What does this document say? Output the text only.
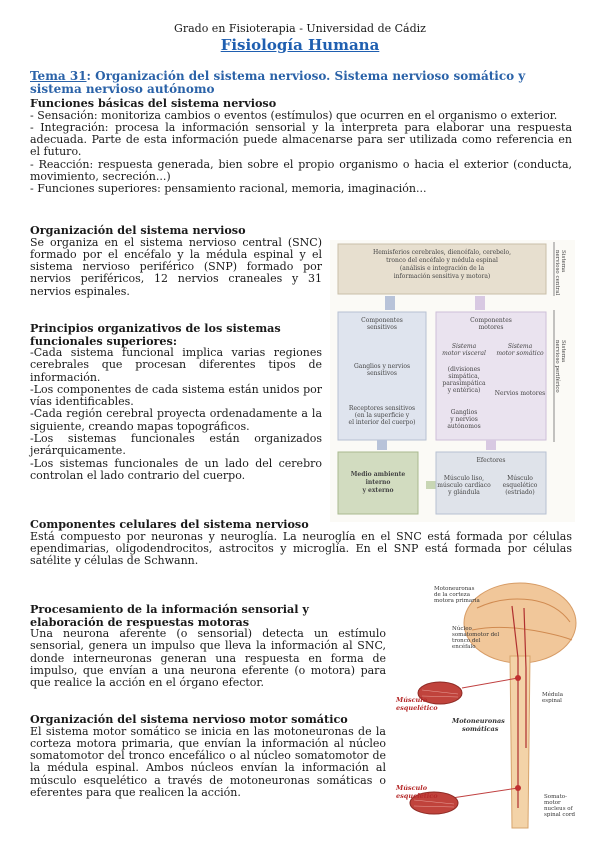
Grado en Fisioterapia - Universidad de Cádiz
Fisiología Humana
Tema 31: Organización del sistema nervioso. Sistema nervioso somático y sistema nervioso autónomo
Funciones básicas del sistema nervioso

- Sensación: monitoriza cambios o eventos (estímulos) que ocurren en el organismo o exterior.

- Integración: procesa la información sensorial y la interpreta para elaborar una respuesta adecuada. Parte de esta información puede almacenarse para ser utilizada como referencia en el futuro.

- Reacción: respuesta generada, bien sobre el propio organismo o hacia el exterior (conducta, movimiento, secreción...)

- Funciones superiores: pensamiento racional, memoria, imaginación...

Organización del sistema nervioso

Se organiza en el sistema nervioso central (SNC) formado por el encéfalo y la médula espinal y el sistema nervioso periférico (SNP) formado por nervios periféricos, 12 nervios craneales y 31 nervios espinales.

Principios organizativos de los sistemas funcionales superiores:

-Cada sistema funcional implica varias regiones cerebrales que procesan diferentes tipos de información.

-Los componentes de cada sistema están unidos por vías identificables.

-Cada región cerebral proyecta ordenadamente a la siguiente, creando mapas topográficos.

-Los sistemas funcionales están organizados jerárquicamente.

-Los sistemas funcionales de un lado del cerebro controlan el lado contrario del cuerpo.

Componentes celulares del sistema nervioso

Está compuesto por neuronas y neuroglía. La neuroglía en el SNC está formada por células ependimarias, oligodendrocitos, astrocitos y microglía. En el SNP está formada por células satélite y células de Schwann.

Procesamiento de la información sensorial y elaboración de respuestas motoras

Una neurona aferente (o sensorial) detecta un estímulo sensorial, genera un impulso que lleva la información al SNC, donde interneuronas generan una respuesta en forma de impulso, que envían a una neurona eferente (o motora) para que realice la acción en el órgano efector.

Organización del sistema nervioso motor somático

El sistema motor somático se inicia en las motoneuronas de la corteza motora primaria, que envían la información al núcleo somatomotor del tronco encefálico o al núcleo somatomotor de la médula espinal. Ambos núcleos envían la información al músculo esquelético a través de motoneuronas somáticas o eferentes para que realicen la acción.

Hemisferios cerebrales, diencéfalo, cerebelo,
tronco del encéfalo y médula espinal
(análisis e integración de la
información sensitiva y motora)
Sistema
nervioso central
Componentes
sensitivos
Ganglios y nervios
sensitivos
Receptores sensitivos
(en la superficie y
el interior del cuerpo)
Componentes
motores
Sistema
motor visceral
(divisiones
simpática,
parasimpática
y entérica)
Sistema
motor somático
Nervios motores
Ganglios
y nervios
autónomos
Sistema
nervioso periférico
Medio ambiente
interno
y externo
Efectores
Músculo liso,
músculo cardíaco
y glándula
Músculo
esquelético
(estriado)
Motoneuronas
de la corteza
motora primaria
Núcleo
somatomotor del
tronco del
encéfalo
Músculo
esquelético
Médula
espinal
Motoneuronas
somáticas
Músculo
esquelético	Somato-
motor
nucleus of
spinal cord
